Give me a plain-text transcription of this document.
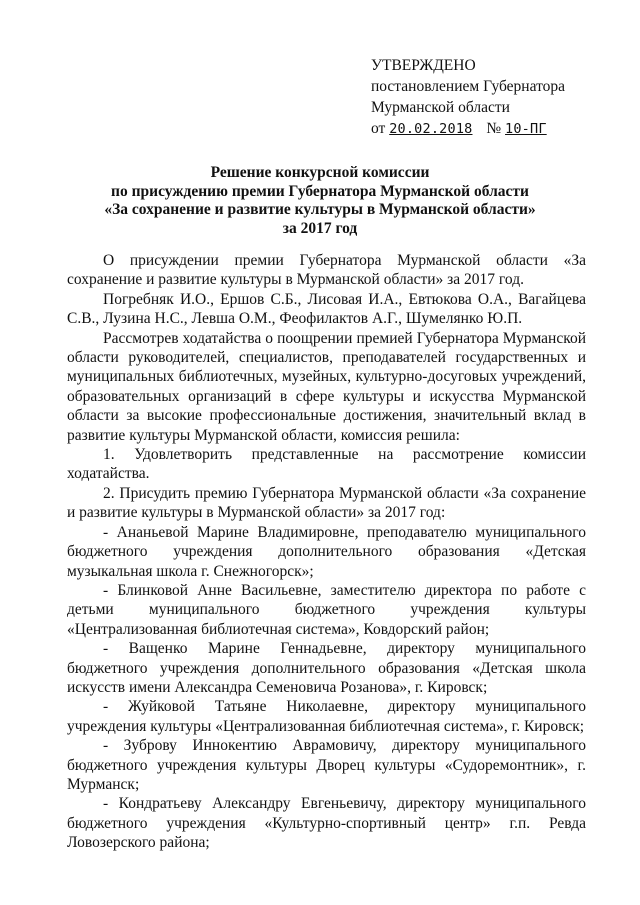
УТВЕРЖДЕНО
постановлением Губернатора
Мурманской области
от 20.02.2018 № 10-ПГ
Решение конкурсной комиссии
по присуждению премии Губернатора Мурманской области
«За сохранение и развитие культуры в Мурманской области»
за 2017 год

О присуждении премии Губернатора Мурманской области «За сохранение и развитие культуры в Мурманской области» за 2017 год.

Погребняк И.О., Ершов С.Б., Лисовая И.А., Евтюкова О.А., Вагайцева С.В., Лузина Н.С., Левша О.М., Феофилактов А.Г., Шумелянко Ю.П.

Рассмотрев ходатайства о поощрении премией Губернатора Мурманской области руководителей, специалистов, преподавателей государственных и муниципальных библиотечных, музейных, культурно-досуговых учреждений, образовательных организаций в сфере культуры и искусства Мурманской области за высокие профессиональные достижения, значительный вклад в развитие культуры Мурманской области, комиссия решила:

1. Удовлетворить представленные на рассмотрение комиссии ходатайства.

2. Присудить премию Губернатора Мурманской области «За сохранение и развитие культуры в Мурманской области» за 2017 год:

- Ананьевой Марине Владимировне, преподавателю муниципального бюджетного учреждения дополнительного образования «Детская музыкальная школа г. Снежногорск»;

- Блинковой Анне Васильевне, заместителю директора по работе с детьми муниципального бюджетного учреждения культуры «Централизованная библиотечная система», Ковдорский район;

- Ващенко Марине Геннадьевне, директору муниципального бюджетного учреждения дополнительного образования «Детская школа искусств имени Александра Семеновича Розанова», г. Кировск;

- Жуйковой Татьяне Николаевне, директору муниципального учреждения культуры «Централизованная библиотечная система», г. Кировск;

- Зуброву Иннокентию Аврамовичу, директору муниципального бюджетного учреждения культуры Дворец культуры «Судоремонтник», г. Мурманск;

- Кондратьеву Александру Евгеньевичу, директору муниципального бюджетного учреждения «Культурно-спортивный центр» г.п. Ревда Ловозерского района;
